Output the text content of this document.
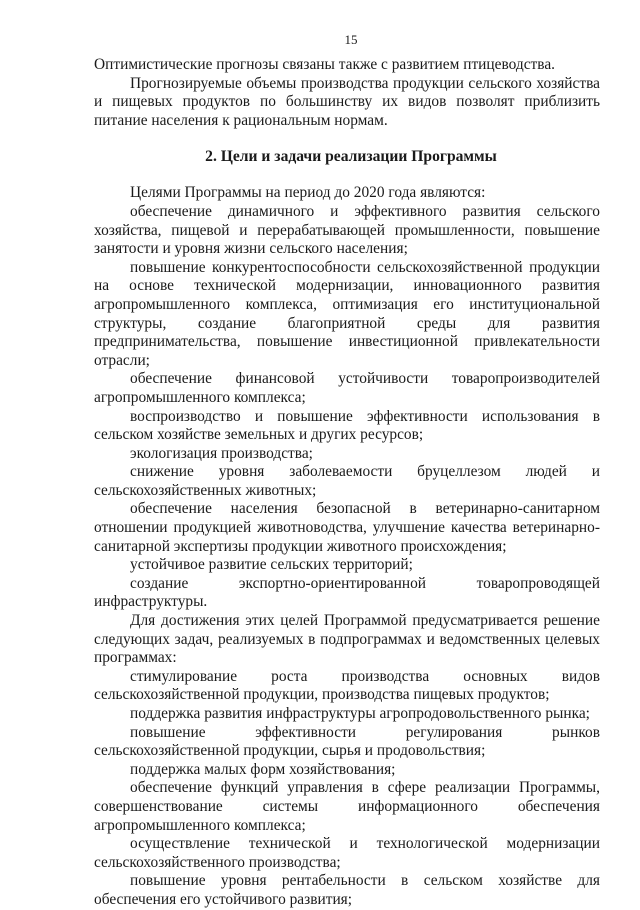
15

Оптимистические прогнозы связаны также с развитием птицеводства.

Прогнозируемые объемы производства продукции сельского хозяйства и пищевых продуктов по большинству их видов позволят приблизить питание населения к рациональным нормам.

2. Цели и задачи реализации Программы

Целями Программы на период до 2020 года являются:

обеспечение динамичного и эффективного развития сельского хозяйства, пищевой и перерабатывающей промышленности, повышение занятости и уровня жизни сельского населения;

повышение конкурентоспособности сельскохозяйственной продукции на основе технической модернизации, инновационного развития агропромышленного комплекса, оптимизация его институциональной структуры, создание благоприятной среды для развития предпринимательства, повышение инвестиционной привлекательности отрасли;

обеспечение финансовой устойчивости товаропроизводителей агропромышленного комплекса;

воспроизводство и повышение эффективности использования в сельском хозяйстве земельных и других ресурсов;

экологизация производства;

снижение уровня заболеваемости бруцеллезом людей и сельскохозяйственных животных;

обеспечение населения безопасной в ветеринарно-санитарном отношении продукцией животноводства, улучшение качества ветеринарно-санитарной экспертизы продукции животного происхождения;

устойчивое развитие сельских территорий;

создание экспортно-ориентированной товаропроводящей инфраструктуры.

Для достижения этих целей Программой предусматривается решение следующих задач, реализуемых в подпрограммах и ведомственных целевых программах:

стимулирование роста производства основных видов сельскохозяйственной продукции, производства пищевых продуктов;

поддержка развития инфраструктуры агропродовольственного рынка;

повышение эффективности регулирования рынков сельскохозяйственной продукции, сырья и продовольствия;

поддержка малых форм хозяйствования;

обеспечение функций управления в сфере реализации Программы, совершенствование системы информационного обеспечения агропромышленного комплекса;

осуществление технической и технологической модернизации сельскохозяйственного производства;

повышение уровня рентабельности в сельском хозяйстве для обеспечения его устойчивого развития;
